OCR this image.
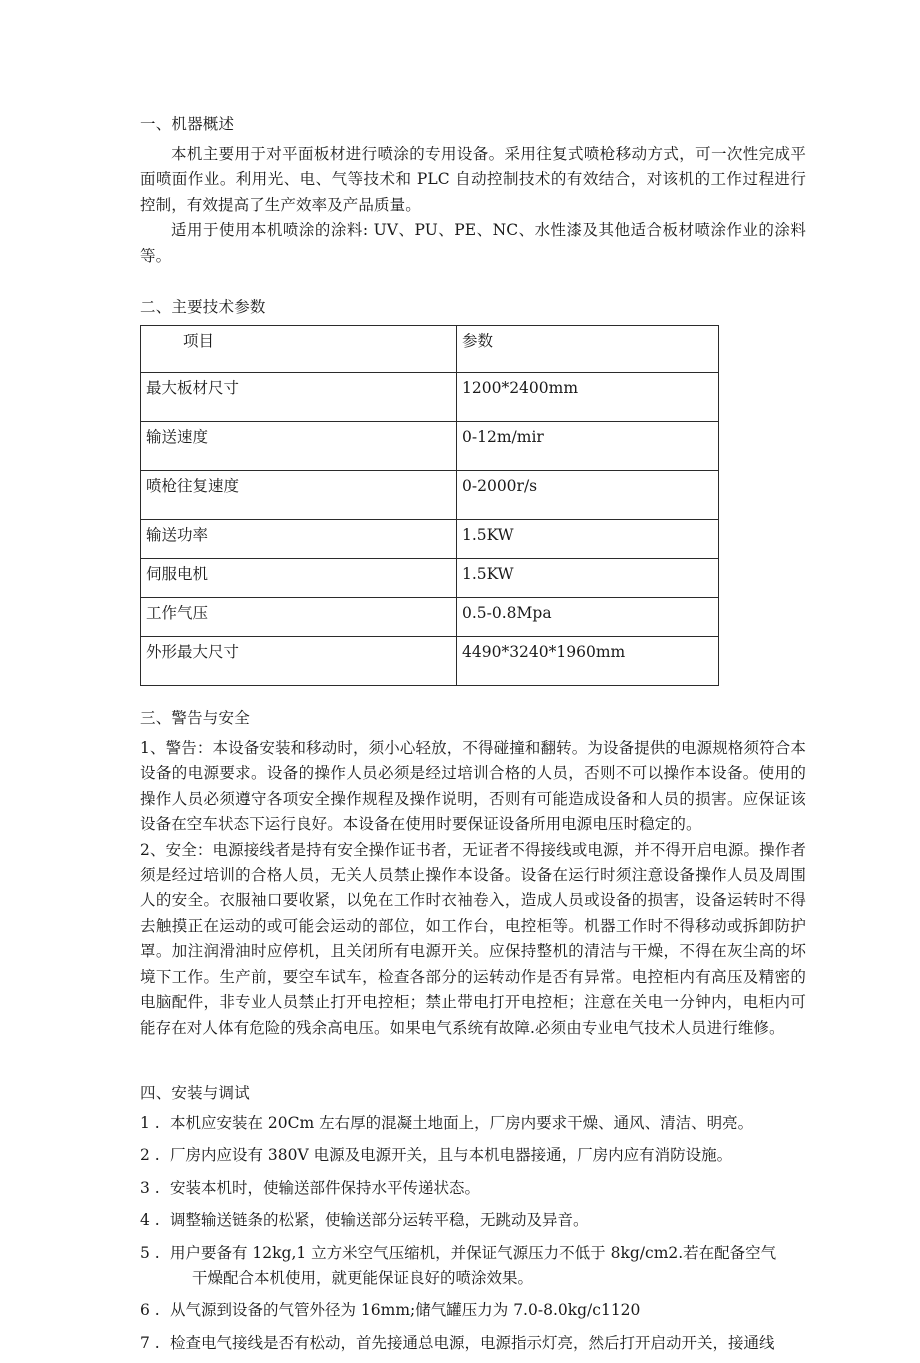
一、机器概述

本机主要用于对平面板材进行喷涂的专用设备。采用往复式喷枪移动方式，可一次性完成平面喷面作业。利用光、电、气等技术和 PLC 自动控制技术的有效结合，对该机的工作过程进行控制，有效提高了生产效率及产品质量。

适用于使用本机喷涂的涂料: UV、PU、PE、NC、水性漆及其他适合板材喷涂作业的涂料等。

二、主要技术参数

项目	参数
最大板材尺寸	1200*2400mm
输送速度	0-12m/mir
喷枪往复速度	0-2000r/s
输送功率	1.5KW
伺服电机	1.5KW
工作气压	0.5-0.8Mpa
外形最大尺寸	4490*3240*1960mm

三、警告与安全

1、警告：本设备安装和移动时，须小心轻放，不得碰撞和翻转。为设备提供的电源规格须符合本设备的电源要求。设备的操作人员必须是经过培训合格的人员，否则不可以操作本设备。使用的操作人员必须遵守各项安全操作规程及操作说明，否则有可能造成设备和人员的损害。应保证该设备在空车状态下运行良好。本设备在使用时要保证设备所用电源电压时稳定的。

2、安全：电源接线者是持有安全操作证书者，无证者不得接线或电源，并不得开启电源。操作者须是经过培训的合格人员，无关人员禁止操作本设备。设备在运行时须注意设备操作人员及周围人的安全。衣服袖口要收紧，以免在工作时衣袖卷入，造成人员或设备的损害，设备运转时不得去触摸正在运动的或可能会运动的部位，如工作台，电控柜等。机器工作时不得移动或拆卸防护罩。加注润滑油时应停机，且关闭所有电源开关。应保持整机的清洁与干燥，不得在灰尘高的坏境下工作。生产前，要空车试车，检查各部分的运转动作是否有异常。电控柜内有高压及精密的电脑配件，非专业人员禁止打开电控柜；禁止带电打开电控柜；注意在关电一分钟内，电柜内可能存在对人体有危险的残余高电压。如果电气系统有故障.必须由专业电气技术人员进行维修。

四、安装与调试

1 . 本机应安装在 20Cm 左右厚的混凝土地面上，厂房内要求干燥、通风、清洁、明亮。
2 . 厂房内应设有 380V 电源及电源开关，且与本机电器接通，厂房内应有消防设施。
3 . 安装本机时，使输送部件保持水平传递状态。
4 . 调整输送链条的松紧，使输送部分运转平稳，无跳动及异音。
5 . 用户要备有 12kg,1 立方米空气压缩机，并保证气源压力不低于 8kg/cm2.若在配备空气
干燥配合本机使用，就更能保证良好的喷涂效果。
6 . 从气源到设备的气管外径为 16mm;储气罐压力为 7.0-8.0kg/c1120
7 . 检查电气接线是否有松动，首先接通总电源，电源指示灯亮，然后打开启动开关，接通线
